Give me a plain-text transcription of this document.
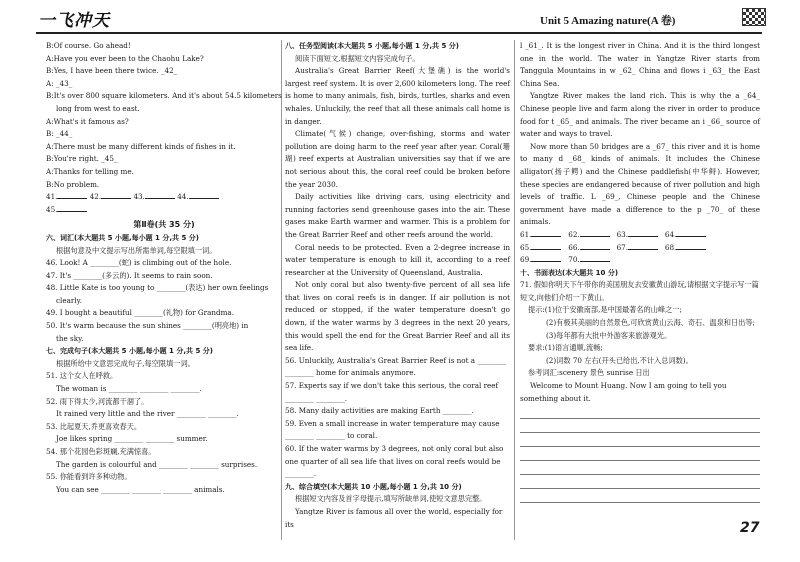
一飞冲天	Unit 5 Amazing nature(A 卷)
B:Of course. Go ahead!
A:Have you ever been to the Chaohu Lake?
B:Yes, I have been there twice. _42_
A: _43_
B:It's over 800 square kilometers. And it's about 54.5 kilometers
long from west to east.
A:What's it famous as?
B: _44_
A:There must be many different kinds of fishes in it.
B:You're right. _45_
A:Thanks for telling me.
B:No problem.
41.	42.	43.	44.
45.
第Ⅱ卷(共 35 分)
六、词汇(本大题共 5 小题,每小题 1 分,共 5 分)
根据句意及中文提示写出所需单词,每空限填一词。
46. Look! A ________(蛇) is climbing out of the hole.
47. It's ________(多云的). It seems to rain soon.
48. Little Kate is too young to ________(表达) her own feelings
clearly.
49. I bought a beautiful ________(礼物) for Grandma.
50. It's warm because the sun shines ________(明亮地) in
the sky.
七、完成句子(本大题共 5 小题,每小题 1 分,共 5 分)
根据所给中文意思完成句子,每空限填一词。
51. 这个女人在呼救。
The woman is ________ ________ ________.
52. 雨下得太少,河流都干涸了。
It rained very little and the river ________ ________.
53. 比起夏天,乔更喜欢春天。
Joe likes spring ________ ________ summer.
54. 那个花园色彩斑斓,充满惊喜。
The garden is colourful and ________ ________ surprises.
55. 你能看到许多种动物。
You can see ________ ________ ________ animals.
八、任务型阅读(本大题共 5 小题,每小题 1 分,共 5 分)
阅读下面短文,根据短文内容完成句子。

Australia's Great Barrier Reef(大堡礁) is the world's largest reef system. It is over 2,600 kilometers long. The reef is home to many animals, fish, birds, turtles, sharks and even whales. Unluckily, the reef that all these animals call home is in danger.

Climate(气候) change, over-fishing, storms and water pollution are doing harm to the reef year after year. Coral(珊瑚) reef experts at Australian universities say that if we are not serious about this, the coral reef could be broken before the year 2030.

Daily activities like driving cars, using electricity and running factories send greenhouse gases into the air. These gases make Earth warmer and warmer. This is a problem for the Great Barrier Reef and other reefs around the world.

Coral needs to be protected. Even a 2-degree increase in water temperature is enough to kill it, according to a reef researcher at the University of Queensland, Australia.

Not only coral but also twenty-five percent of all sea life that lives on coral reefs is in danger. If air pollution is not reduced or stopped, if the water temperature doesn't go down, if the water warms by 3 degrees in the next 20 years, this would spell the end for the Great Barrier Reef and all its sea life.

56. Unluckily, Australia's Great Barrier Reef is not a ________ ________ home for animals anymore.

57. Experts say if we don't take this serious, the coral reef ________ ________.

58. Many daily activities are making Earth ________.

59. Even a small increase in water temperature may cause ________ ________ to coral.

60. If the water warms by 3 degrees, not only coral but also one quarter of all sea life that lives on coral reefs would be ________.

九、综合填空(本大题共 10 小题,每小题 1 分,共 10 分)

根据短文内容及首字母提示,填写所缺单词,使短文意思完整。

Yangtze River is famous all over the world, especially for its

l _61_. It is the longest river in China. And it is the third longest one in the world. The water in Yangtze River starts from Tanggula Mountains in w _62_ China and flows i _63_ the East China Sea.

Yangtze River makes the land rich. This is why the a _64_ Chinese people live and farm along the river in order to produce food for t _65_ and animals. The river became an i _66_ source of water and ways to travel.

Now more than 50 bridges are a _67_ this river and it is home to many d _68_ kinds of animals. It includes the Chinese alligator(扬子鳄) and the Chinese paddlefish(中华鲟). However, these species are endangered because of river pollution and high levels of traffic. L _69_, Chinese people and the Chinese government have made a difference to the p _70_ of these animals.

61.	62.	63.	64.
65.	66.	67.	68.
69.	70.
十、书面表达(本大题共 10 分)

71. 假如你明天下午带你的美国朋友去安徽黄山游玩,请根据文字提示写一篇短文,向他们介绍一下黄山。

提示:(1)位于安徽南部,是中国最著名的山峰之一;

(2)有极其美丽的自然景色,可欣赏黄山云海、奇石、温泉和日出等;

(3)每年都有大批中外游客来旅游观光。

要求:(1)语言通顺,流畅;

(2)词数 70 左右(开头已给出,不计入总词数)。

参考词汇:scenery 景色 sunrise 日出

Welcome to Mount Huang. Now I am going to tell you something about it.

27
